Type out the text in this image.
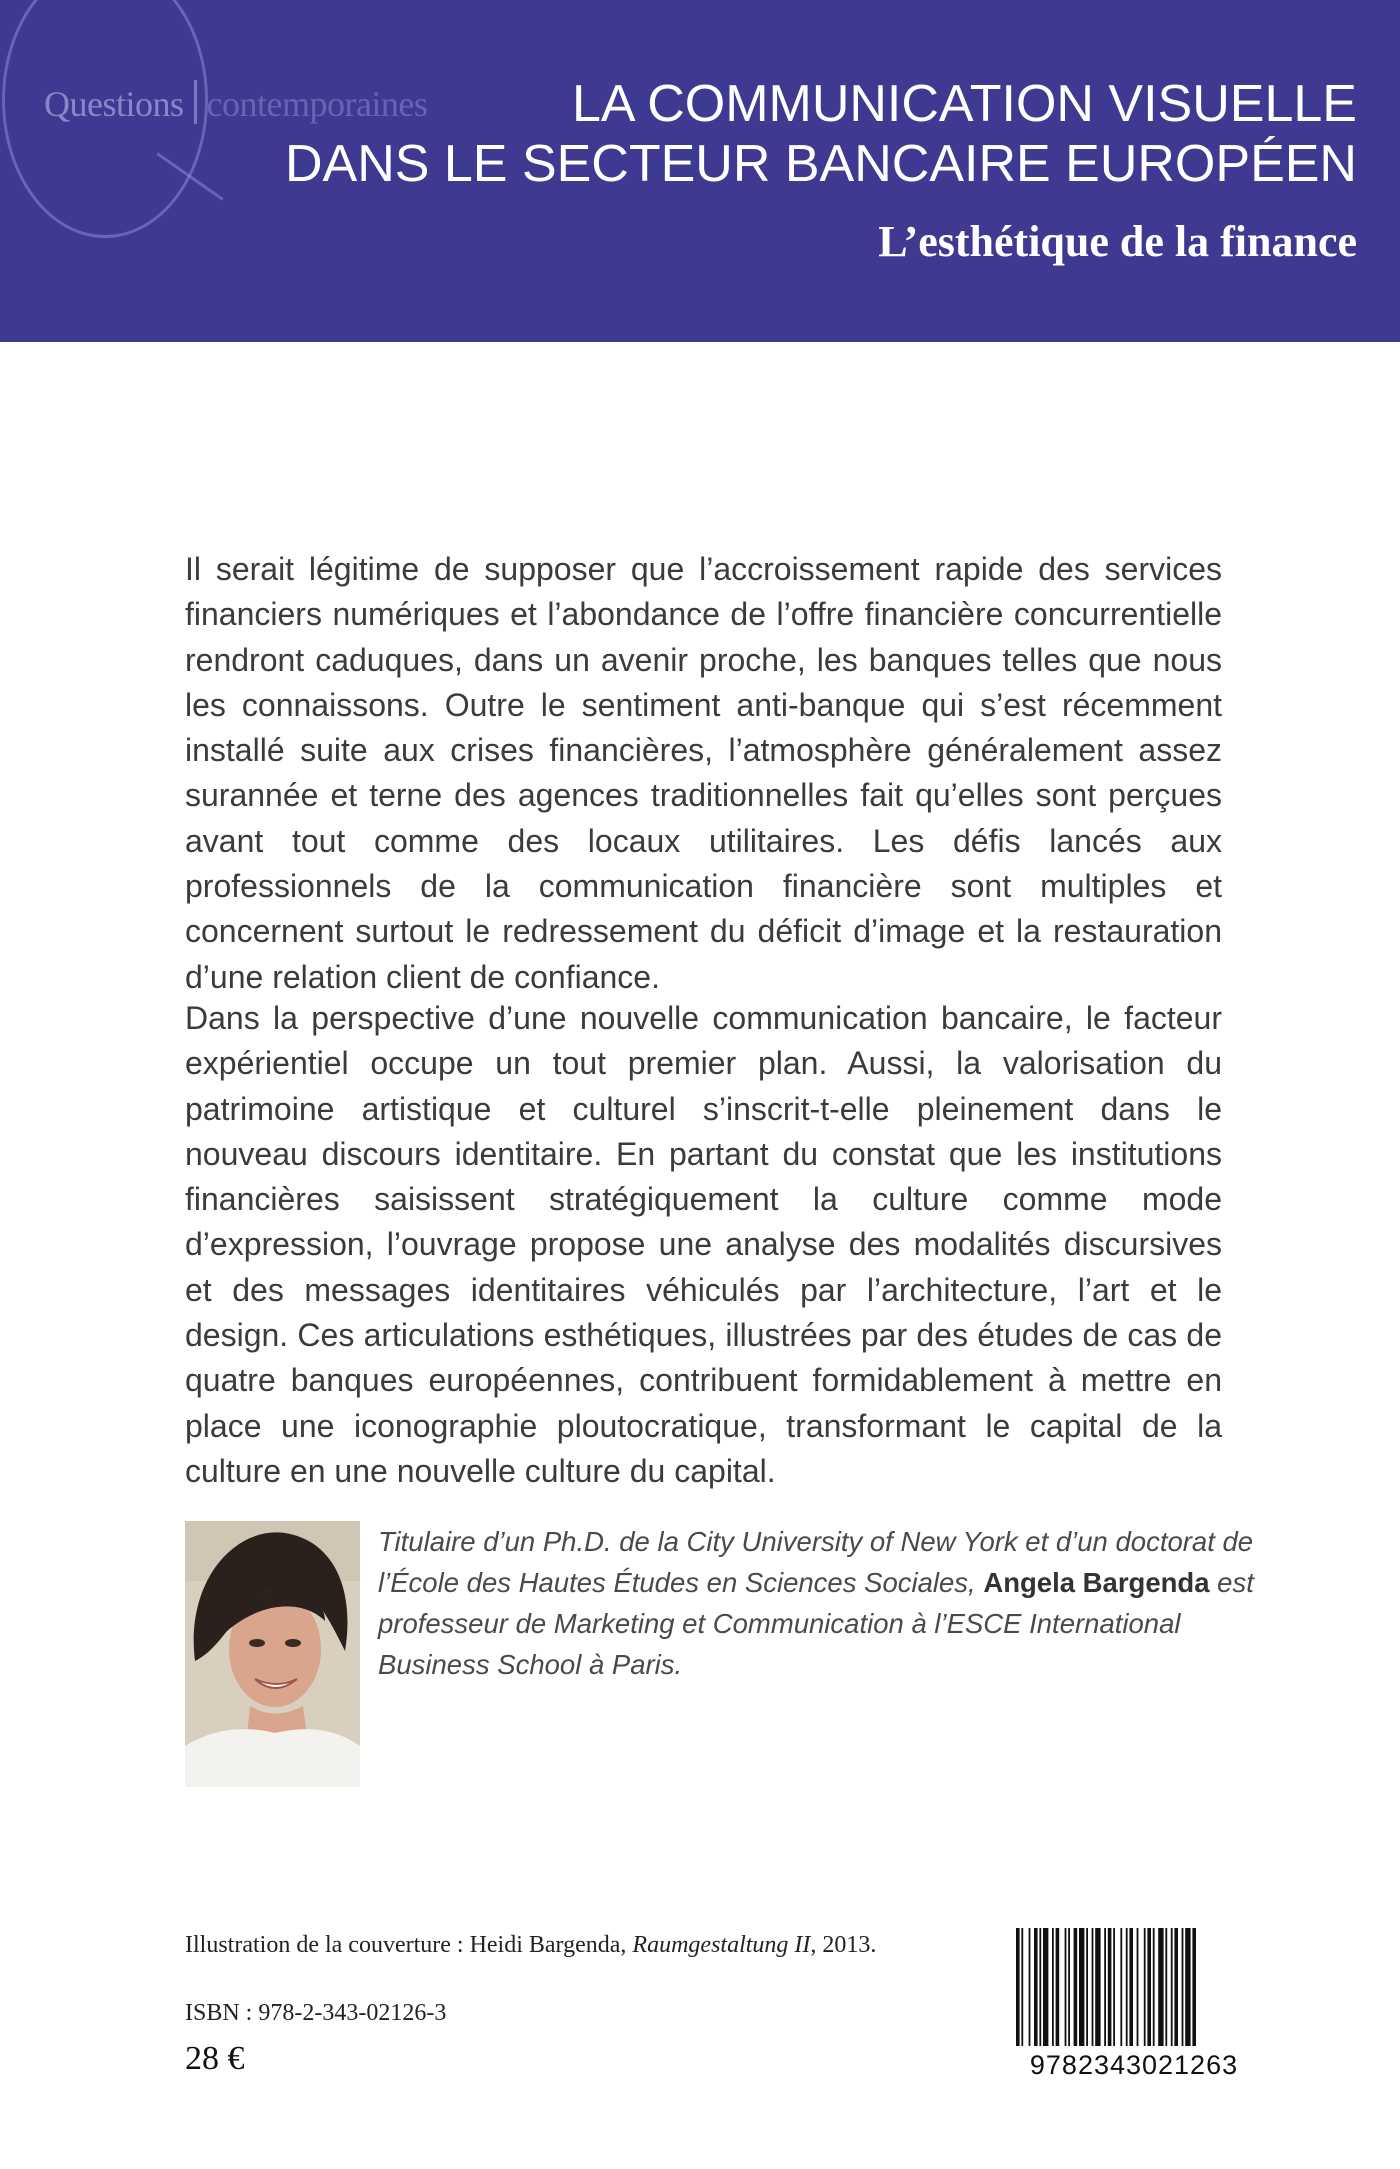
Questions contemporaines	LA COMMUNICATION VISUELLE
DANS LE SECTEUR BANCAIRE EUROPÉEN
L’esthétique de la finance

Il serait légitime de supposer que l’accroissement rapide des services financiers numériques et l’abondance de l’offre financière concurrentielle rendront caduques, dans un avenir proche, les banques telles que nous les connaissons. Outre le sentiment anti-banque qui s’est récemment installé suite aux crises financières, l’atmosphère généralement assez surannée et terne des agences traditionnelles fait qu’elles sont perçues avant tout comme des locaux utilitaires. Les défis lancés aux professionnels de la communication financière sont multiples et concernent surtout le redressement du déficit d’image et la restauration d’une relation client de confiance.

Dans la perspective d’une nouvelle communication bancaire, le facteur expérientiel occupe un tout premier plan. Aussi, la valorisation du patrimoine artistique et culturel s’inscrit-t-elle pleinement dans le nouveau discours identitaire. En partant du constat que les institutions financières saisissent stratégiquement la culture comme mode d’expression, l’ouvrage propose une analyse des modalités discursives et des messages identitaires véhiculés par l’architecture, l’art et le design. Ces articulations esthétiques, illustrées par des études de cas de quatre banques européennes, contribuent formidablement à mettre en place une iconographie ploutocratique, transformant le capital de la culture en une nouvelle culture du capital.

Titulaire d’un Ph.D. de la City University of New York et d’un doctorat de l’École des Hautes Études en Sciences Sociales, Angela Bargenda est professeur de Marketing et Communication à l’ESCE International Business School à Paris.

Illustration de la couverture : Heidi Bargenda, Raumgestaltung II, 2013.
ISBN : 978-2-343-02126-3
28 €	9782343021263
